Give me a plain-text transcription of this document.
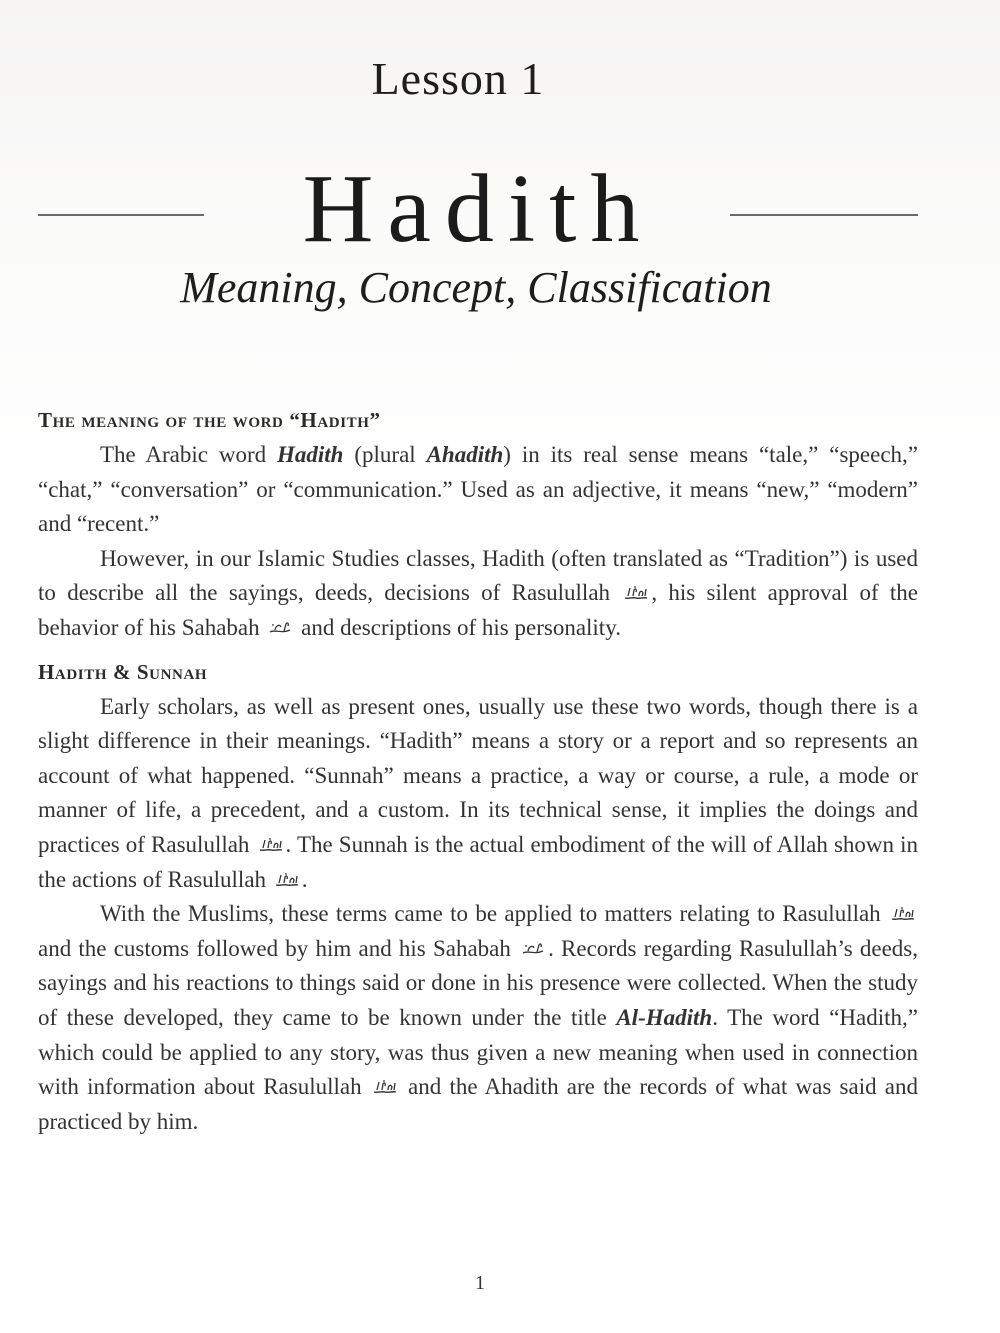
Lesson 1
Hadith
Meaning, Concept, Classification
The meaning of the word “Hadith”

The Arabic word Hadith (plural Ahadith) in its real sense means “tale,” “speech,” “chat,” “conversation” or “communication.” Used as an adjective, it means “new,” “modern” and “recent.”

However, in our Islamic Studies classes, Hadith (often translated as “Tradition”) is used to describe all the sayings, deeds, decisions of Rasulullah , his silent approval of the behavior of his Sahabah
and descriptions of his personality.

Hadith & Sunnah

Early scholars, as well as present ones, usually use these two words, though there is a slight difference in their meanings. “Hadith” means a story or a report and so represents an account of what happened. “Sunnah” means a practice, a way or course, a rule, a mode or manner of life, a precedent, and a custom. In its technical sense, it implies the doings and practices of Rasulullah . The Sunnah is the actual embodiment of the will of Allah shown in the actions of Rasulullah .

With the Muslims, these terms came to be applied to matters relating to Rasulullah
and the customs followed by him and his Sahabah . Records regarding Rasulullah’s deeds, sayings and his reactions to things said or done in his presence were collected. When the study of these developed, they came to be known under the title Al-Hadith. The word “Hadith,” which could be applied to any story, was thus given a new meaning when used in connection with information about Rasulullah
and the Ahadith are the records of what was said and practiced by him.

1
